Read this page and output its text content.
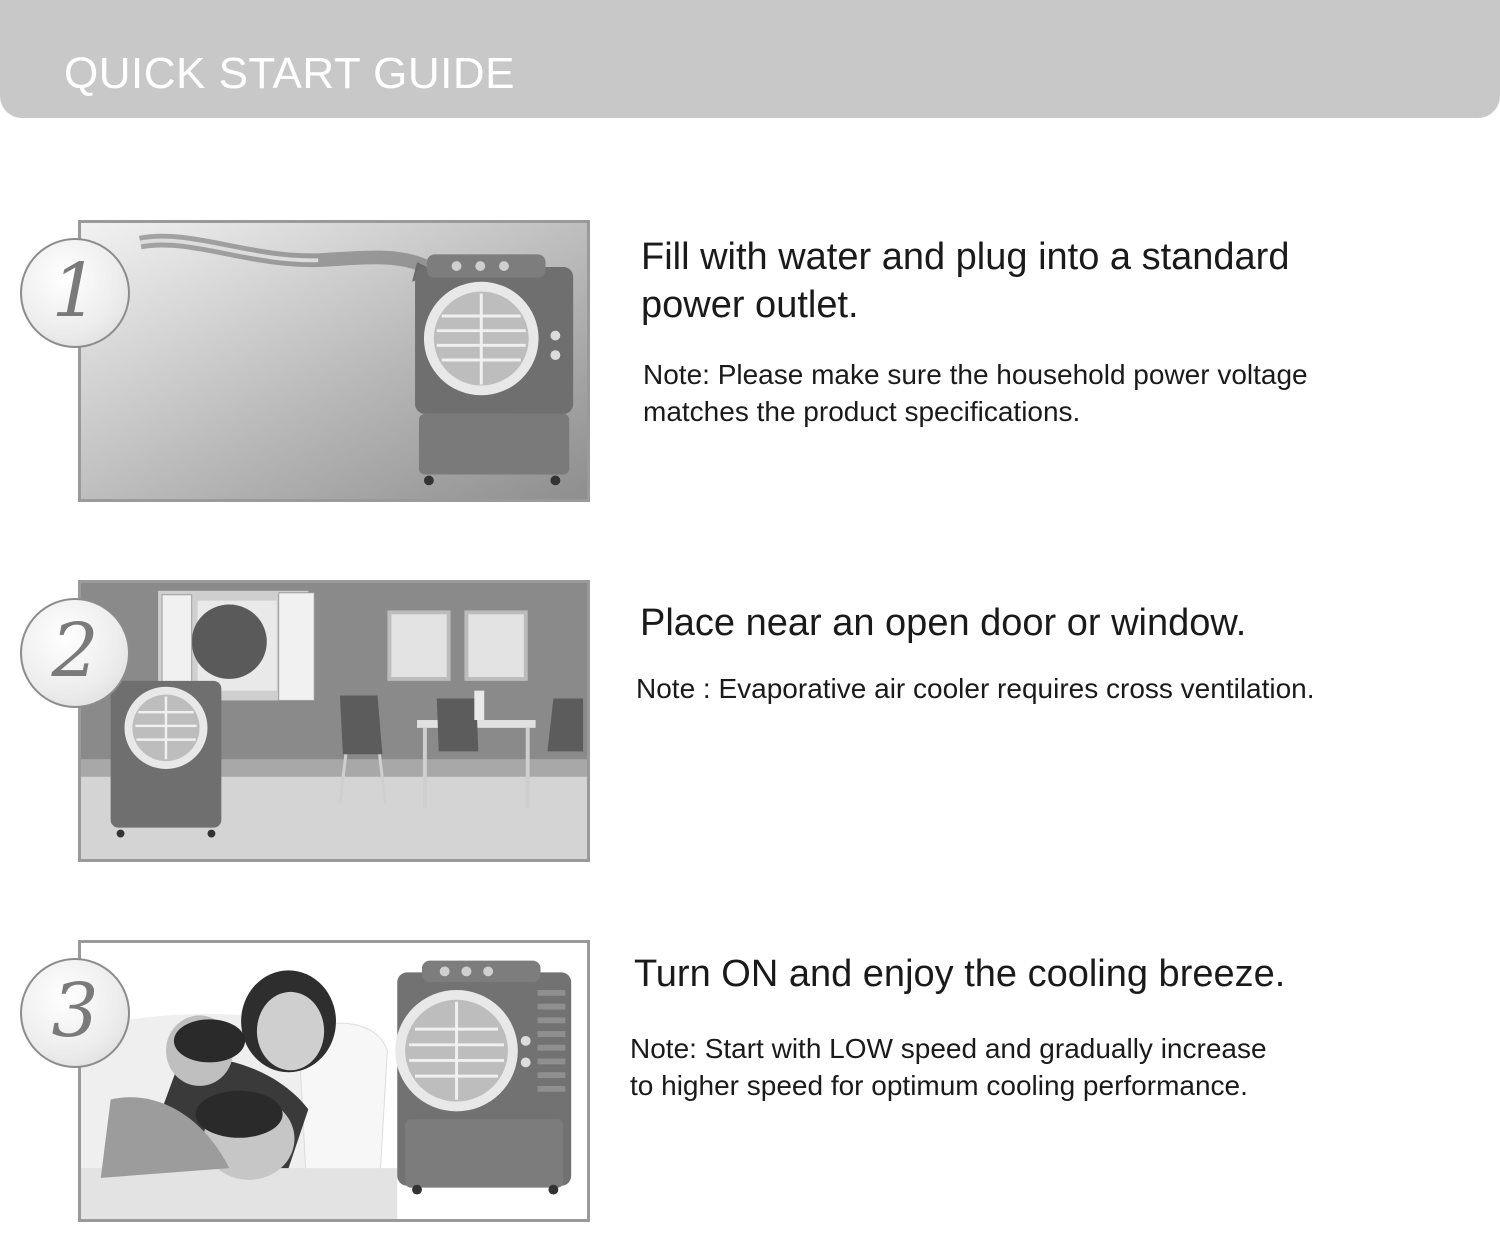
QUICK START GUIDE
1	Fill with water and plug into a standard
power outlet.
Note: Please make sure the household power voltage
matches the product specifications.
2	Place near an open door or window.
Note : Evaporative air cooler requires cross ventilation.
3	Turn ON and enjoy the cooling breeze.
Note: Start with LOW speed and gradually increase
to higher speed for optimum cooling performance.
